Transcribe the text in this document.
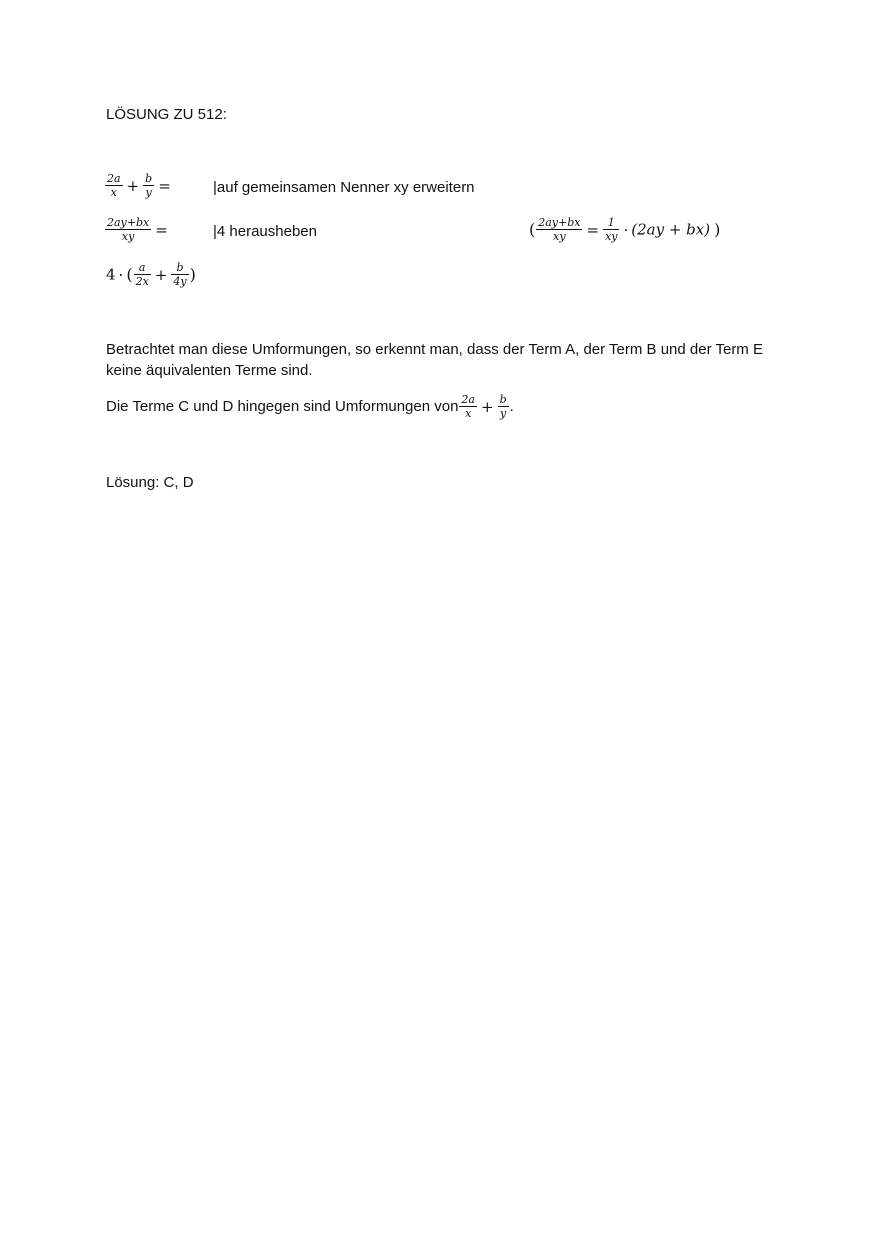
LÖSUNG ZU 512:
$\frac{2a}{x} + \frac{b}{y}$ =	|auf gemeinsamen Nenner xy erweitern
$\frac{2ay+bx}{xy}$ =	|4 herausheben	( $\frac{2ay+bx}{xy} = \frac{1}{xy} \cdot (2ay + bx)$ )
4 · ( $\frac{a}{2x} + \frac{b}{4y}$ )
Betrachtet man diese Umformungen, so erkennt man, dass der Term A, der Term B und der Term E
keine äquivalenten Terme sind.
Die Terme C und D hingegen sind Umformungen von $\frac{2a}{x} + \frac{b}{y}$ .
Lösung: C, D
